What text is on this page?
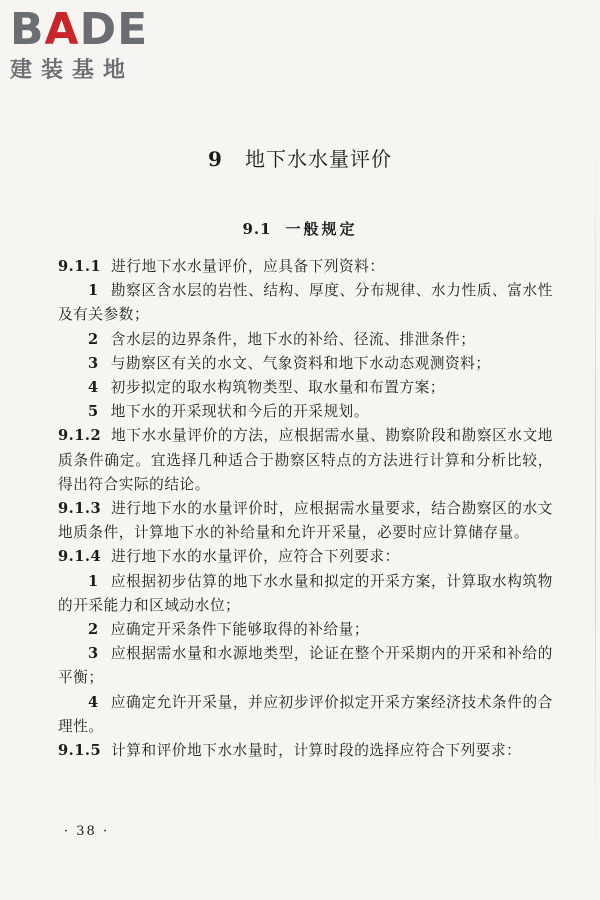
BADE
建装基地
9 地下水水量评价
9.1 一般规定

9.1.1 进行地下水水量评价，应具备下列资料：

1 勘察区含水层的岩性、结构、厚度、分布规律、水力性质、富水性及有关参数；

2 含水层的边界条件，地下水的补给、径流、排泄条件；

3 与勘察区有关的水文、气象资料和地下水动态观测资料；

4 初步拟定的取水构筑物类型、取水量和布置方案；

5 地下水的开采现状和今后的开采规划。

9.1.2 地下水水量评价的方法，应根据需水量、勘察阶段和勘察区水文地质条件确定。宜选择几种适合于勘察区特点的方法进行计算和分析比较，得出符合实际的结论。

9.1.3 进行地下水的水量评价时，应根据需水量要求，结合勘察区的水文地质条件，计算地下水的补给量和允许开采量，必要时应计算储存量。

9.1.4 进行地下水的水量评价，应符合下列要求：

1 应根据初步估算的地下水水量和拟定的开采方案，计算取水构筑物的开采能力和区域动水位；

2 应确定开采条件下能够取得的补给量；

3 应根据需水量和水源地类型，论证在整个开采期内的开采和补给的平衡；

4 应确定允许开采量，并应初步评价拟定开采方案经济技术条件的合理性。

9.1.5 计算和评价地下水水量时，计算时段的选择应符合下列要求：

· 38 ·
